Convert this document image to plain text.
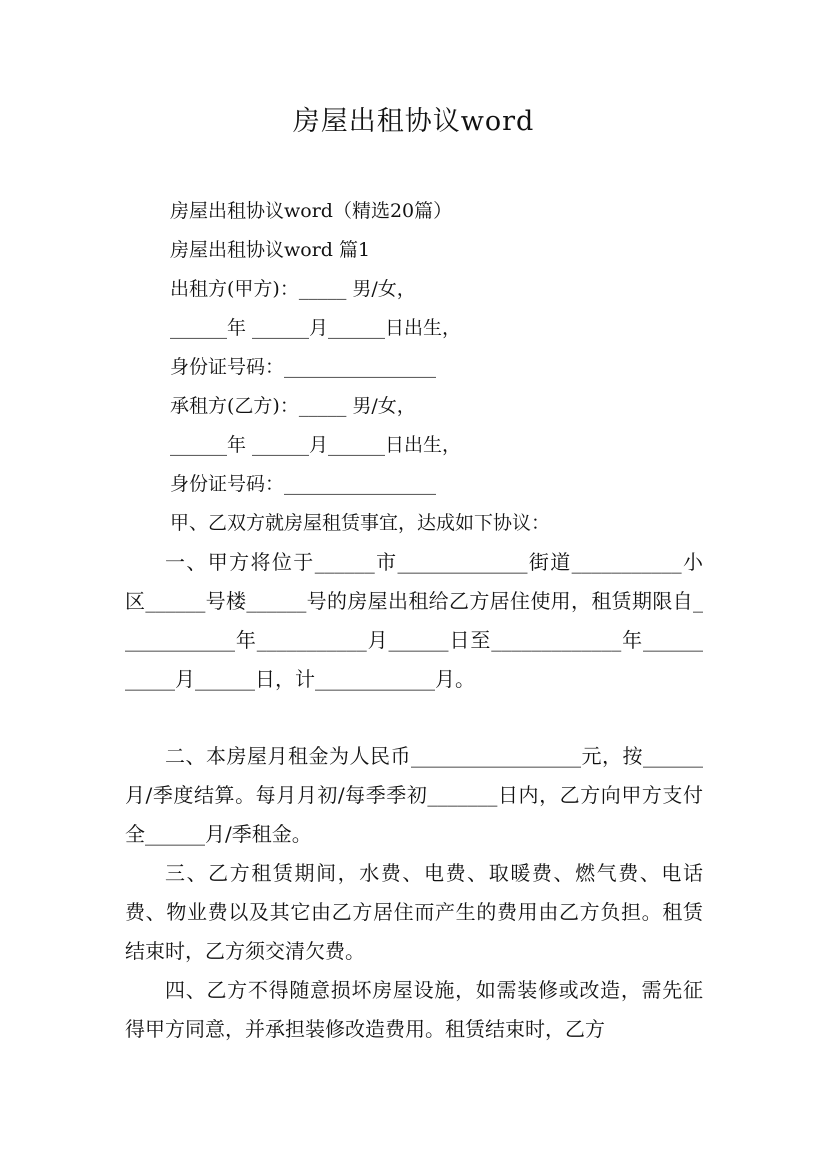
房屋出租协议word
房屋出租协议word（精选20篇）
房屋出租协议word 篇1
出租方(甲方)：_____ 男/女，
______年 ______月______日出生，
身份证号码：________________
承租方(乙方)：_____ 男/女，
______年 ______月______日出生，
身份证号码：________________
甲、乙双方就房屋租赁事宜，达成如下协议：

一、甲方将位于______市_____________街道___________小区______号楼______号的房屋出租给乙方居住使用，租赁期限自____________年___________月______日至_____________年___________月______日，计____________月。

二、本房屋月租金为人民币_________________元，按______月/季度结算。每月月初/每季季初_______日内，乙方向甲方支付全______月/季租金。

三、乙方租赁期间，水费、电费、取暖费、燃气费、电话费、物业费以及其它由乙方居住而产生的费用由乙方负担。租赁结束时，乙方须交清欠费。

四、乙方不得随意损坏房屋设施，如需装修或改造，需先征得甲方同意，并承担装修改造费用。租赁结束时，乙方
